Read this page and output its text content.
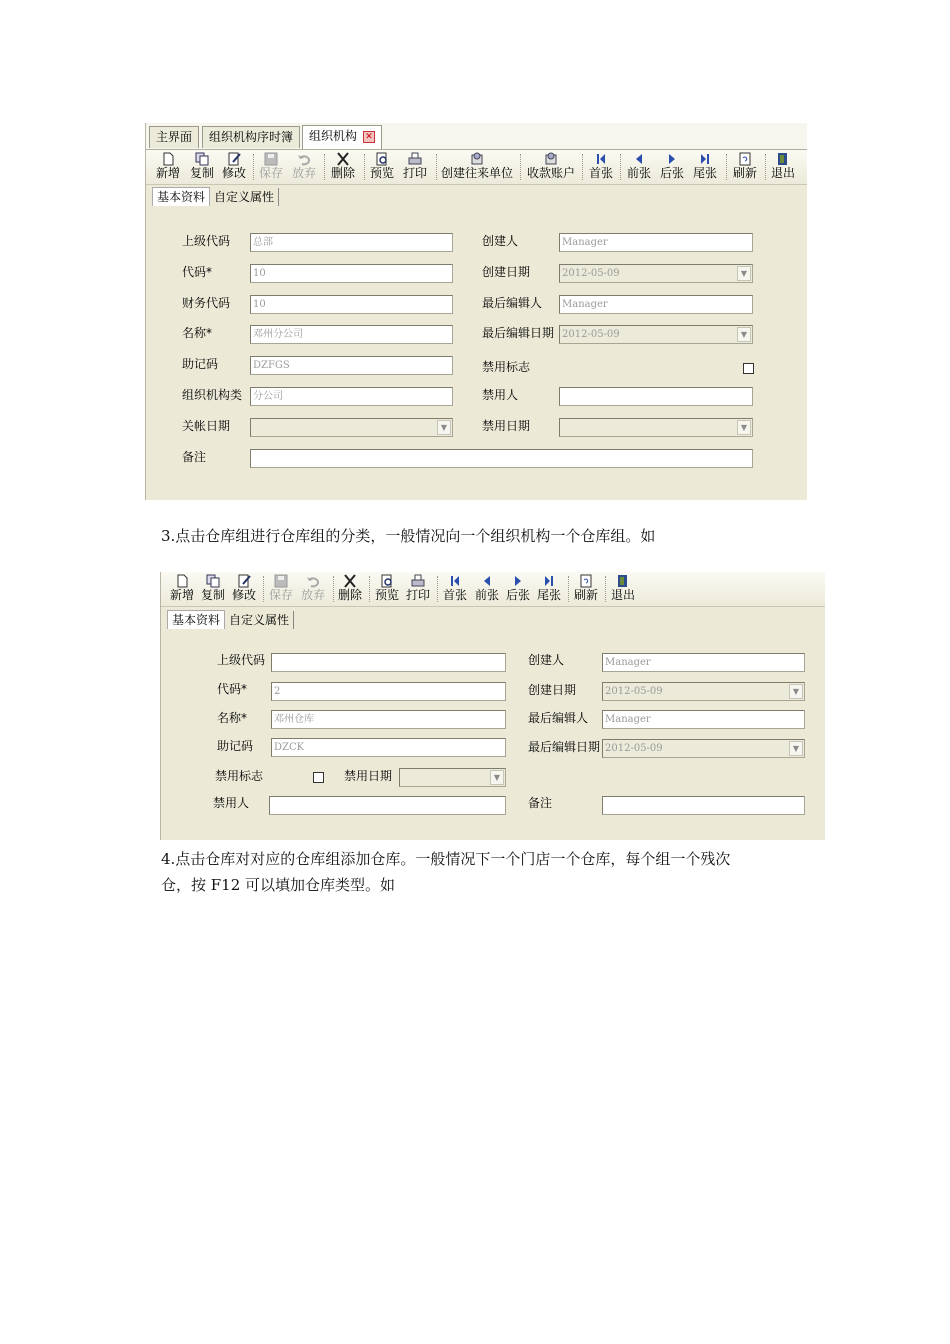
主界面	组织机构序时簿	组织机构 ✕
新增 复制 修改 保存 放弃 删除 预览 打印 创建往来单位 收款账户 首张 前张 后张 尾张 刷新 退出
基本资料 自定义属性
上级代码	总部
代码*	10
财务代码	10
名称*	邓州分公司
助记码	DZFGS
组织机构类	分公司
关帐日期	▼
备注
创建人	Manager
创建日期	2012-05-09	▼
最后编辑人	Manager
最后编辑日期 2012-05-09	▼
禁用标志
禁用人
禁用日期	▼
3.点击仓库组进行仓库组的分类，一般情况向一个组织机构一个仓库组。如
新增 复制 修改 保存 放弃 删除 预览 打印 首张 前张 后张 尾张 刷新 退出
基本资料 自定义属性
上级代码
代码*	2
名称*	邓州仓库
助记码	DZCK
禁用标志	禁用日期	▼
禁用人
创建人	Manager
创建日期	2012-05-09	▼
最后编辑人	Manager
最后编辑日期 2012-05-09	▼
备注
4.点击仓库对对应的仓库组添加仓库。一般情况下一个门店一个仓库，每个组一个残次
仓，按 F12 可以填加仓库类型。如
